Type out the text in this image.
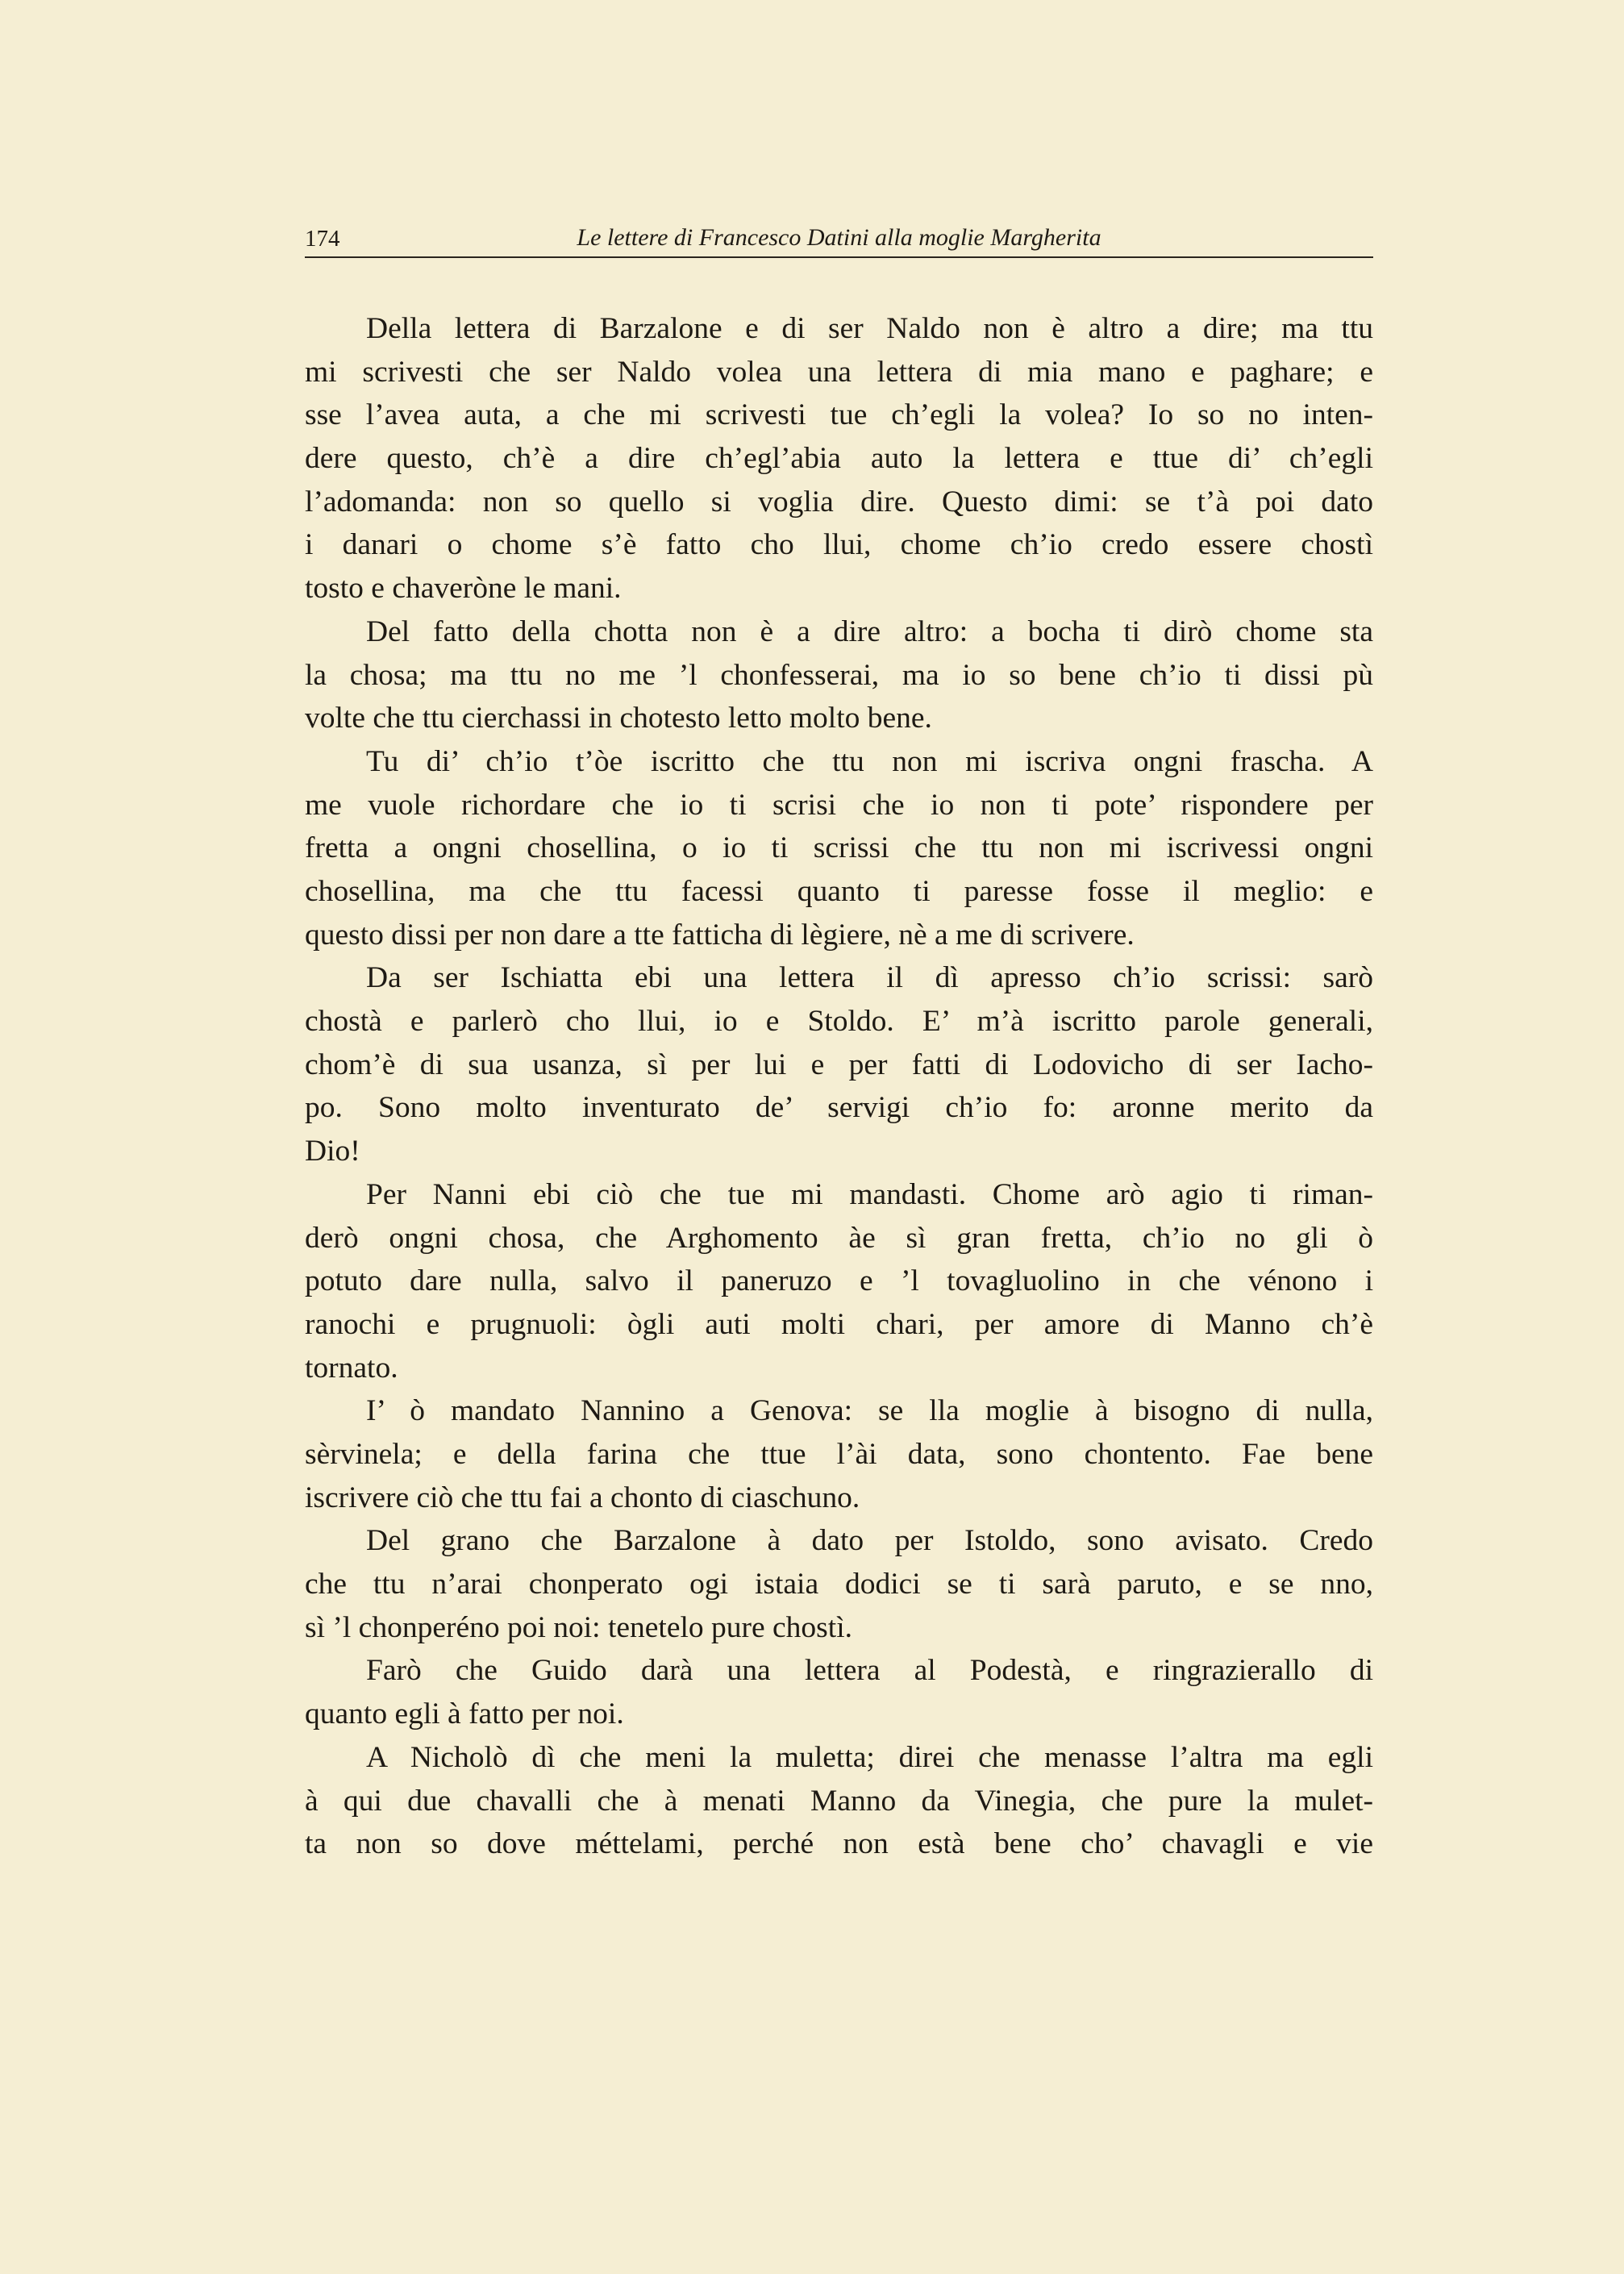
174	Le lettere di Francesco Datini alla moglie Margherita
Della lettera di Barzalone e di ser Naldo non è altro a dire; ma ttu
mi scrivesti che ser Naldo volea una lettera di mia mano e paghare; e
sse l’avea auta, a che mi scrivesti tue ch’egli la volea? Io so no inten-
dere questo, ch’è a dire ch’egl’abia auto la lettera e ttue di’ ch’egli
l’adomanda: non so quello si voglia dire. Questo dimi: se t’à poi dato
i danari o chome s’è fatto cho llui, chome ch’io credo essere chostì
tosto e chaveròne le mani.
Del fatto della chotta non è a dire altro: a bocha ti dirò chome sta
la chosa; ma ttu no me ’l chonfesserai, ma io so bene ch’io ti dissi pù
volte che ttu cierchassi in chotesto letto molto bene.
Tu di’ ch’io t’òe iscritto che ttu non mi iscriva ongni frascha. A
me vuole richordare che io ti scrisi che io non ti pote’ rispondere per
fretta a ongni chosellina, o io ti scrissi che ttu non mi iscrivessi ongni
chosellina, ma che ttu facessi quanto ti paresse fosse il meglio: e
questo dissi per non dare a tte fatticha di lègiere, nè a me di scrivere.
Da ser Ischiatta ebi una lettera il dì apresso ch’io scrissi: sarò
chostà e parlerò cho llui, io e Stoldo. E’ m’à iscritto parole generali,
chom’è di sua usanza, sì per lui e per fatti di Lodovicho di ser Iacho-
po. Sono molto inventurato de’ servigi ch’io fo: aronne merito da
Dio!
Per Nanni ebi ciò che tue mi mandasti. Chome arò agio ti riman-
derò ongni chosa, che Arghomento àe sì gran fretta, ch’io no gli ò
potuto dare nulla, salvo il paneruzo e ’l tovagluolino in che vénono i
ranochi e prugnuoli: ògli auti molti chari, per amore di Manno ch’è
tornato.
I’ ò mandato Nannino a Genova: se lla moglie à bisogno di nulla,
sèrvinela; e della farina che ttue l’ài data, sono chontento. Fae bene
iscrivere ciò che ttu fai a chonto di ciaschuno.
Del grano che Barzalone à dato per Istoldo, sono avisato. Credo
che ttu n’arai chonperato ogi istaia dodici se ti sarà paruto, e se nno,
sì ’l chonperéno poi noi: tenetelo pure chostì.
Farò che Guido darà una lettera al Podestà, e ringrazierallo di
quanto egli à fatto per noi.
A Nicholò dì che meni la muletta; direi che menasse l’altra ma egli
à qui due chavalli che à menati Manno da Vinegia, che pure la mulet-
ta non so dove méttelami, perché non està bene cho’ chavagli e vie
